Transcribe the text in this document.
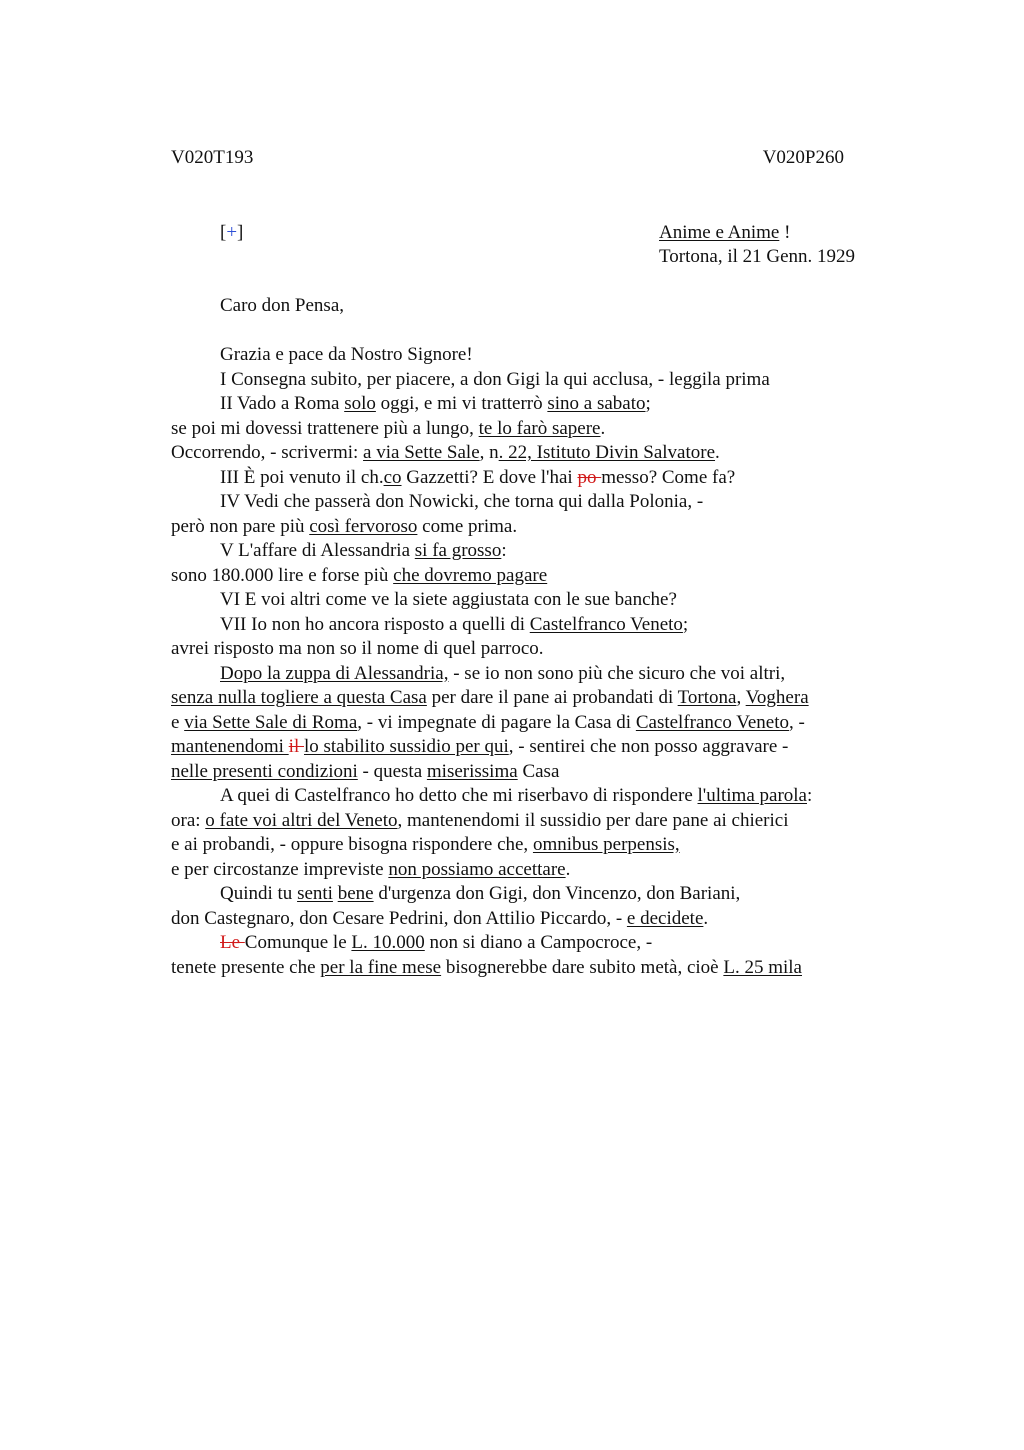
V020T193	V020P260
[+]	Anime e Anime !
Tortona, il 21 Genn. 1929
Caro don Pensa,
Grazia e pace da Nostro Signore!
I Consegna subito, per piacere, a don Gigi la qui acclusa, - leggila prima
II Vado a Roma solo oggi, e mi vi tratterrò sino a sabato;
se poi mi dovessi trattenere più a lungo, te lo farò sapere.
Occorrendo, - scrivermi: a via Sette Sale, n. 22, Istituto Divin Salvatore.
III È poi venuto il ch.co Gazzetti? E dove l'hai po messo? Come fa?
IV Vedi che passerà don Nowicki, che torna qui dalla Polonia, -
però non pare più così fervoroso come prima.
V L'affare di Alessandria si fa grosso:
sono 180.000 lire e forse più che dovremo pagare
VI E voi altri come ve la siete aggiustata con le sue banche?
VII Io non ho ancora risposto a quelli di Castelfranco Veneto;
avrei risposto ma non so il nome di quel parroco.
Dopo la zuppa di Alessandria, - se io non sono più che sicuro che voi altri,
senza nulla togliere a questa Casa per dare il pane ai probandati di Tortona, Voghera
e via Sette Sale di Roma, - vi impegnate di pagare la Casa di Castelfranco Veneto, -
mantenendomi il lo stabilito sussidio per qui, - sentirei che non posso aggravare -
nelle presenti condizioni - questa miserissima Casa
A quei di Castelfranco ho detto che mi riserbavo di rispondere l'ultima parola:
ora: o fate voi altri del Veneto, mantenendomi il sussidio per dare pane ai chierici
e ai probandi, - oppure bisogna rispondere che, omnibus perpensis,
e per circostanze impreviste non possiamo accettare.
Quindi tu senti bene d'urgenza don Gigi, don Vincenzo, don Bariani,
don Castegnaro, don Cesare Pedrini, don Attilio Piccardo, - e decidete.
Le Comunque le L. 10.000 non si diano a Campocroce, -
tenete presente che per la fine mese bisognerebbe dare subito metà, cioè L. 25 mila
